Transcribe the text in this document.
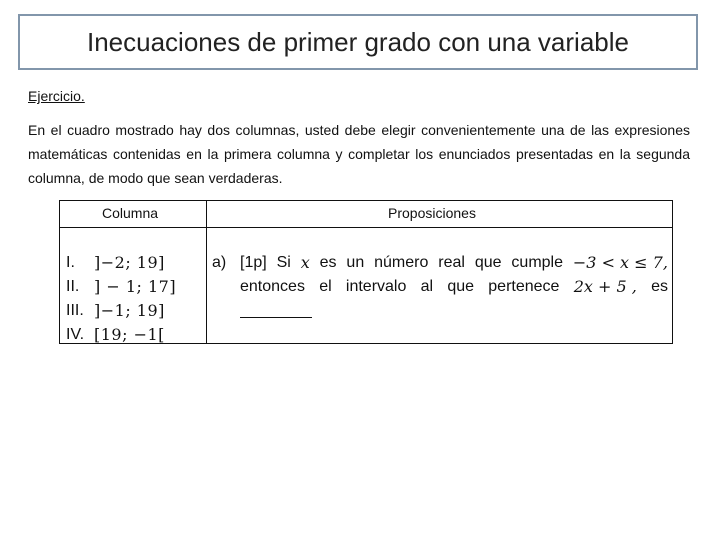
Inecuaciones de primer grado con una variable
Ejercicio.
En el cuadro mostrado hay dos columnas, usted debe elegir convenientemente una de las expresiones matemáticas contenidas en la primera columna y completar los enunciados presentadas en la segunda columna, de modo que sean verdaderas.
Columna	Proposiciones
I.	]−2; 19]
II. ] − 1; 17]
III. ]−1; 19]
IV. [19; −1[
a) [1p] Si x es un número real que cumple −3 < x ≤ 7,
entonces el intervalo al que pertenece 2x + 5 , es
